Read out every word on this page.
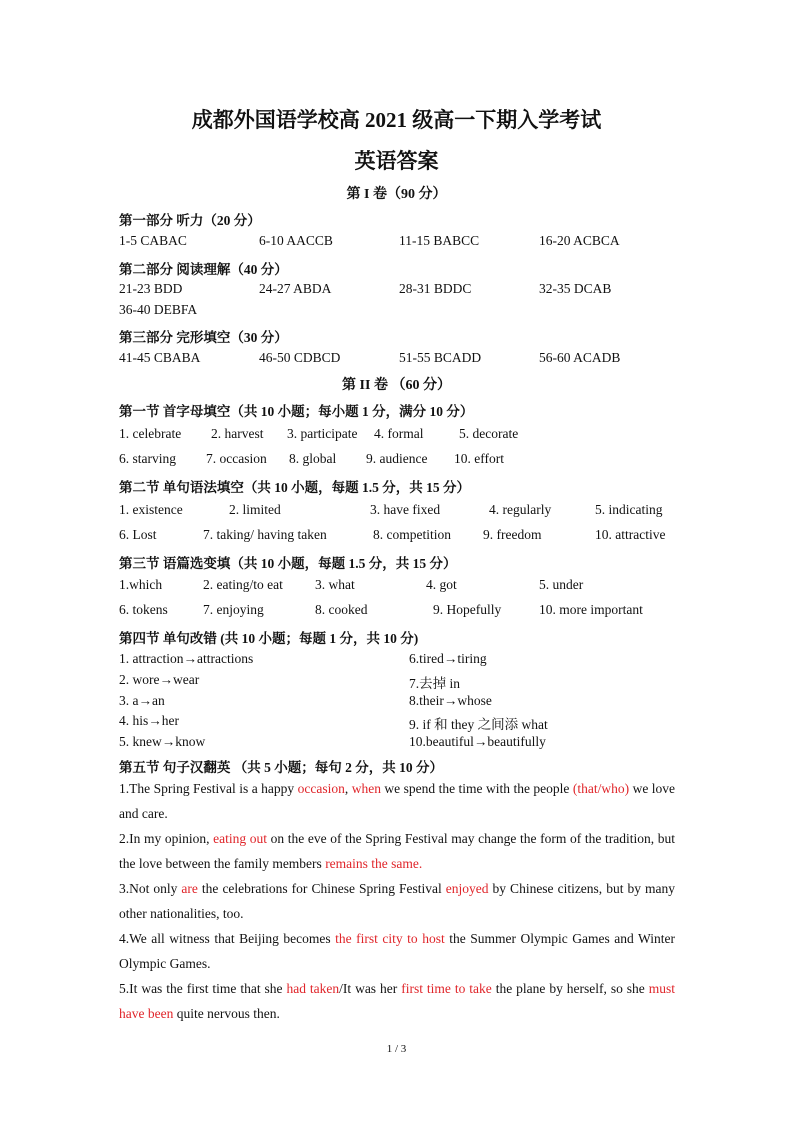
成都外国语学校高 2021 级高一下期入学考试
英语答案
第 I 卷（90 分）
第一部分 听力（20 分）
1-5 CABAC	6-10 AACCB	11-15 BABCC	16-20 ACBCA
第二部分 阅读理解（40 分）
21-23 BDD	24-27 ABDA	28-31 BDDC	32-35 DCAB
36-40 DEBFA
第三部分 完形填空（30 分）
41-45 CBABA	46-50 CDBCD	51-55 BCADD	56-60 ACADB
第 II 卷 （60 分）
第一节 首字母填空（共 10 小题；每小题 1 分，满分 10 分）
1. celebrate 2. harvest 3. participate 4. formal	5. decorate
6. starving 7. occasion 8. global 9. audience 10. effort
第二节 单句语法填空（共 10 小题，每题 1.5 分，共 15 分）
1. existence	2. limited	3. have fixed	4. regularly	5. indicating
6. Lost	7. taking/ having taken	8. competition 9. freedom	10. attractive
第三节 语篇选变填（共 10 小题，每题 1.5 分，共 15 分）
1.which	2. eating/to eat 3. what	4. got	5. under
6. tokens	7. enjoying	8. cooked	9. Hopefully	10. more important
第四节 单句改错 (共 10 小题；每题 1 分，共 10 分)
1. attraction→attractions	6.tired→tiring
2. wore→wear	7.去掉 in
3. a→an	8.their→whose
4. his→her	9. if 和 they 之间添 what
5. knew→know	10.beautiful→beautifully
第五节 句子汉翻英 （共 5 小题；每句 2 分，共 10 分）
1.The Spring Festival is a happy occasion, when we spend the time with the people (that/who) we love and care.
2.In my opinion, eating out on the eve of the Spring Festival may change the form of the tradition, but the love between the family members remains the same.
3.Not only are the celebrations for Chinese Spring Festival enjoyed by Chinese citizens, but by many other nationalities, too.
4.We all witness that Beijing becomes the first city to host the Summer Olympic Games and Winter Olympic Games.
5.It was the first time that she had taken/It was her first time to take the plane by herself, so she must have been quite nervous then.
1 / 3
